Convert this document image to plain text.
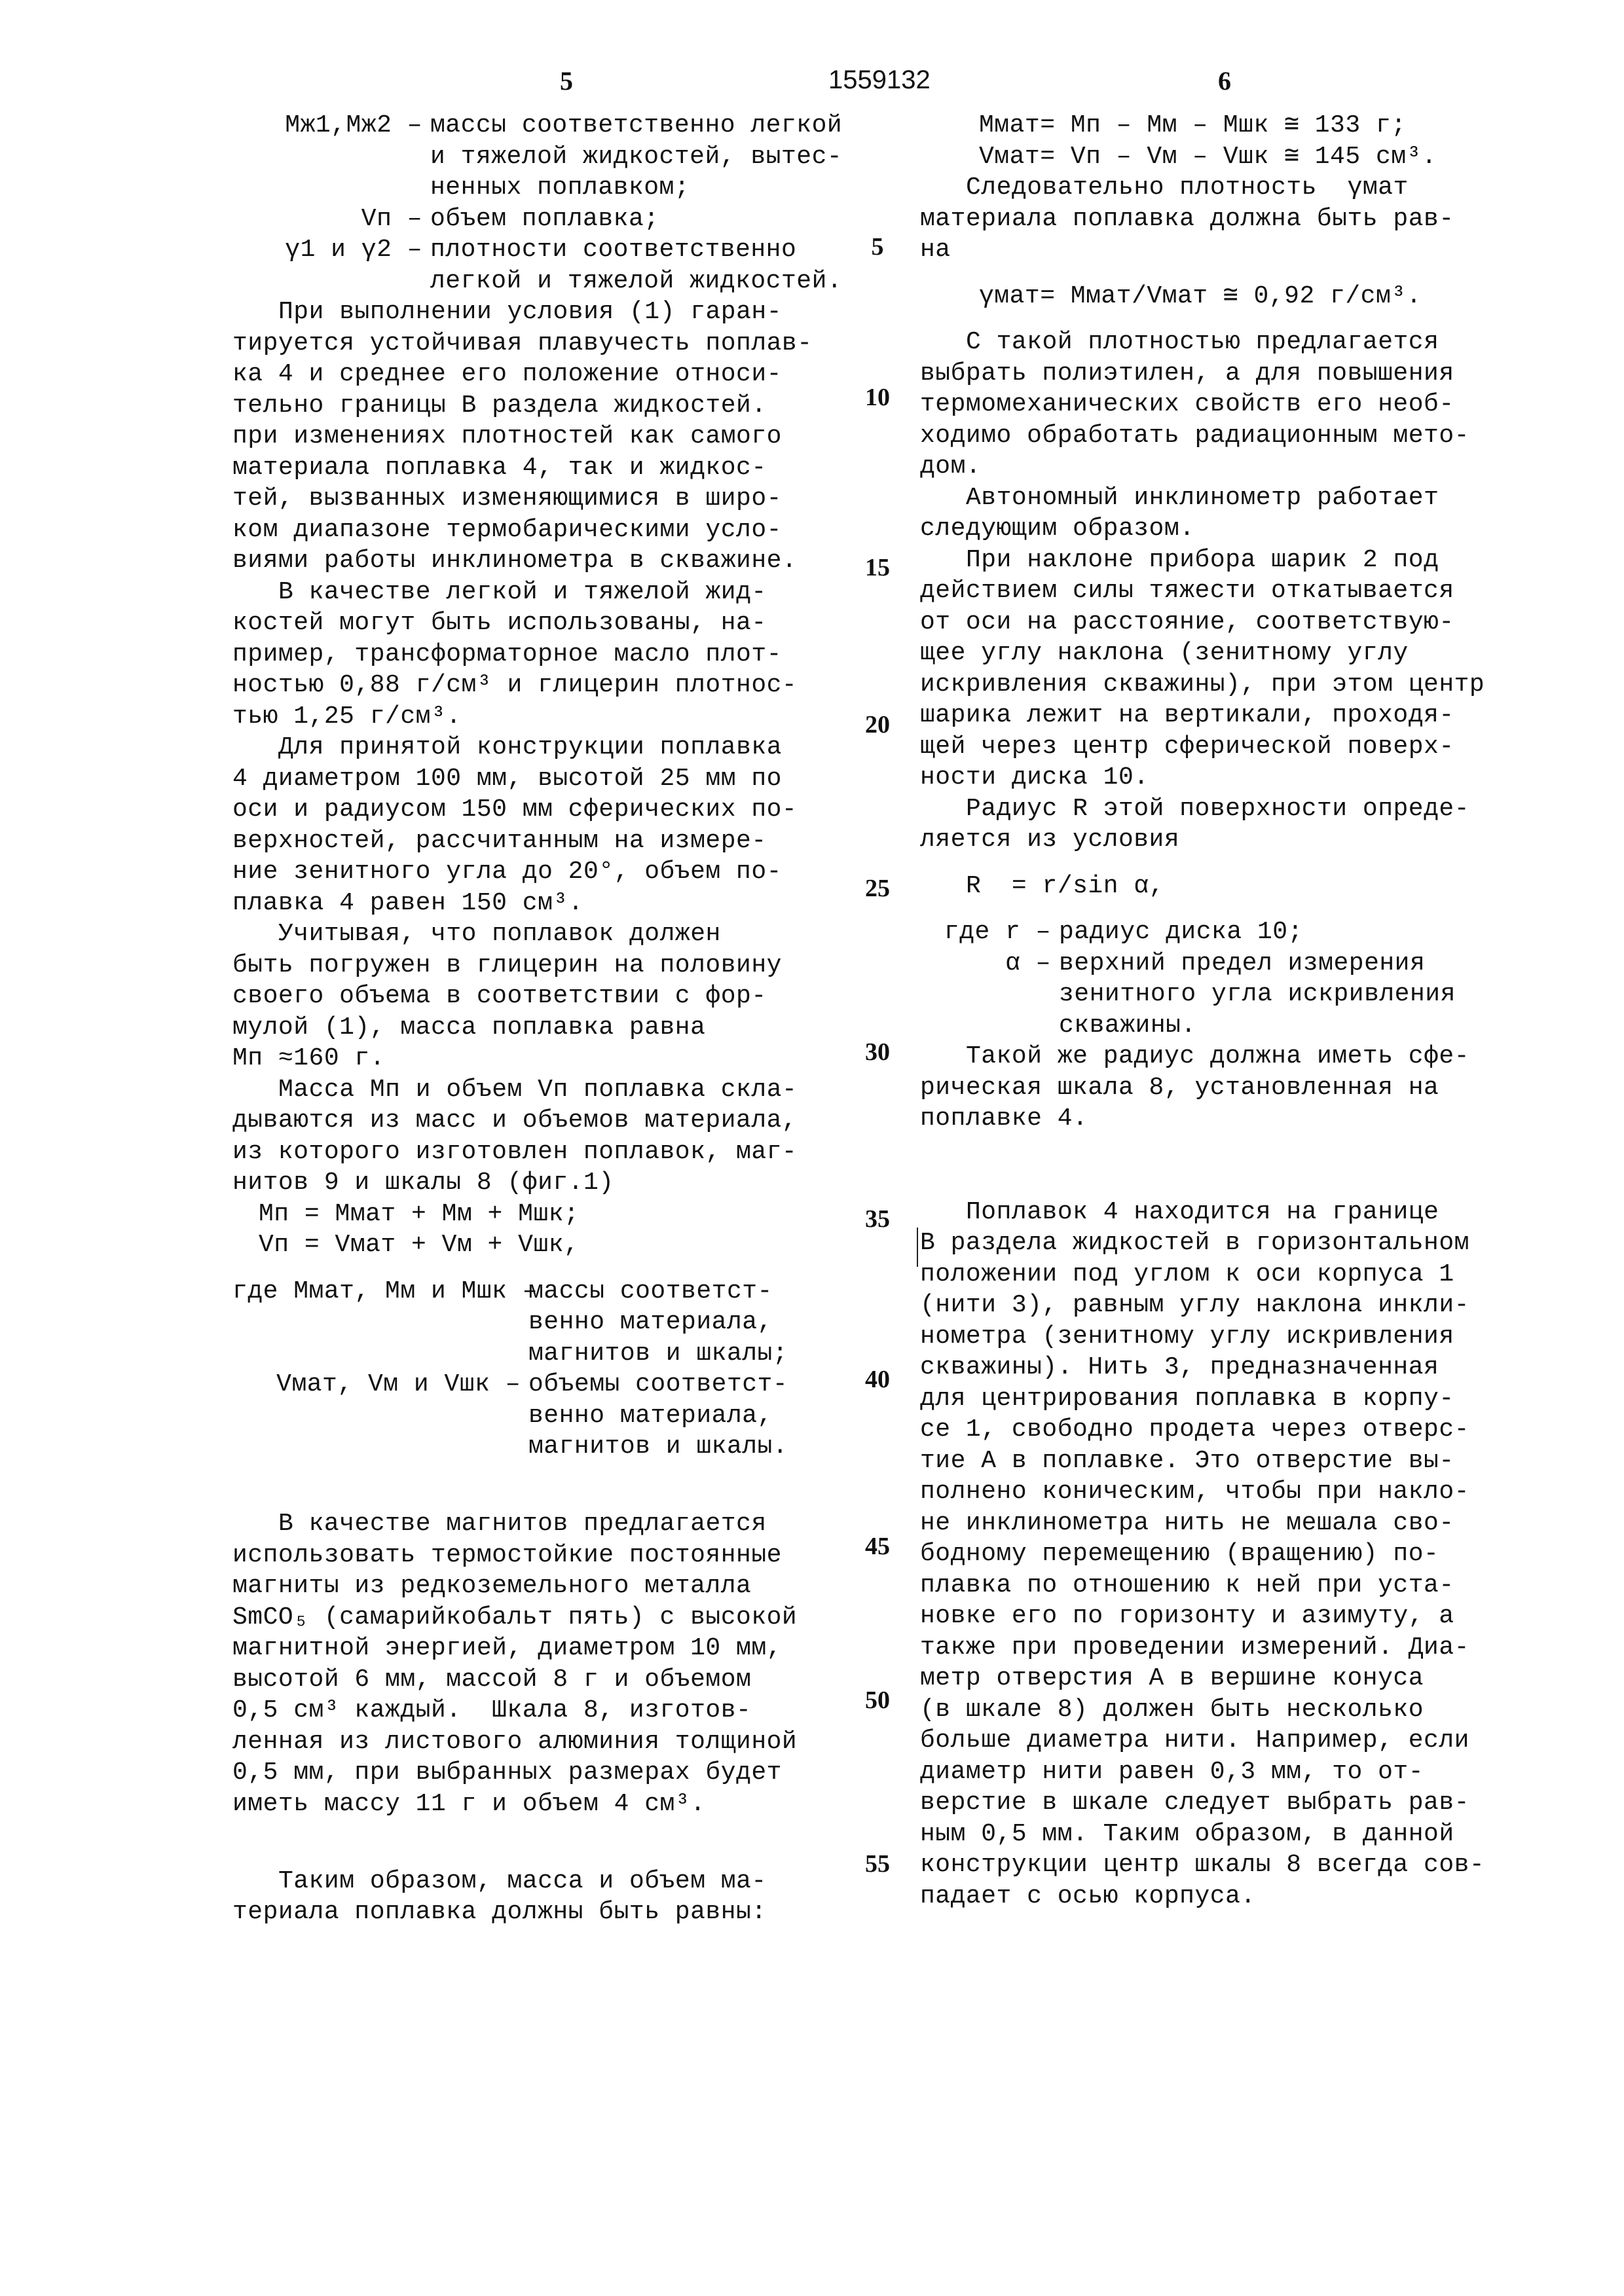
5	1559132	6
Mж1,Mж2 – массы соответственно легкой
и тяжелой жидкостей, вытес-
ненных поплавком;
Vп – объем поплавка;
γ1 и γ2 – плотности соответственно
легкой и тяжелой жидкостей.
При выполнении условия (1) гаран-
тируется устойчивая плавучесть поплав-
ка 4 и среднее его положение относи-
тельно границы В раздела жидкостей.
при изменениях плотностей как самого
материала поплавка 4, так и жидкос-
тей, вызванных изменяющимися в широ-
ком диапазоне термобарическими усло-
виями работы инклинометра в скважине.
В качестве легкой и тяжелой жид-
костей могут быть использованы, на-
пример, трансформаторное масло плот-
ностью 0,88 г/см³ и глицерин плотнос-
тью 1,25 г/см³.
Для принятой конструкции поплавка
4 диаметром 100 мм, высотой 25 мм по
оси и радиусом 150 мм сферических по-
верхностей, рассчитанным на измере-
ние зенитного угла до 20°, объем по-
плавка 4 равен 150 см³.
Учитывая, что поплавок должен
быть погружен в глицерин на половину
своего объема в соответствии с фор-
мулой (1), масса поплавка равна
Mп ≈160 г.
Масса Mп и объем Vп поплавка скла-
дываются из масс и объемов материала,
из которого изготовлен поплавок, маг-
нитов 9 и шкалы 8 (фиг.1)
Mп = Mмат + Mм + Mшк;
Vп = Vмат + Vм + Vшк,
где Mмат, Mм и Mшк –
массы соответст-
венно материала,
магнитов и шкалы;
Vмат, Vм и Vшк – объемы соответст-
венно материала,
магнитов и шкалы.
В качестве магнитов предлагается
использовать термостойкие постоянные
магниты из редкоземельного металла
SmCO₅ (самарийкобальт пять) с высокой
магнитной энергией, диаметром 10 мм,
высотой 6 мм, массой 8 г и объемом
0,5 см³ каждый.  Шкала 8, изготов-
ленная из листового алюминия толщиной
0,5 мм, при выбранных размерах будет
иметь массу 11 г и объем 4 см³.
Таким образом, масса и объем ма-
териала поплавка должны быть равны:
Mмат= Mп – Mм – Mшк ≅ 133 г;
Vмат= Vп – Vм – Vшк ≅ 145 см³.
Следовательно плотность  γмат
материала поплавка должна быть рав-
на
γмат= Mмат/Vмат ≅ 0,92 г/см³.
С такой плотностью предлагается
выбрать полиэтилен, а для повышения
термомеханических свойств его необ-
ходимо обработать радиационным мето-
дом.
Автономный инклинометр работает
следующим образом.
При наклоне прибора шарик 2 под
действием силы тяжести откатывается
от оси на расстояние, соответствую-
щее углу наклона (зенитному углу
искривления скважины), при этом центр
шарика лежит на вертикали, проходя-
щей через центр сферической поверх-
ности диска 10.
Радиус R этой поверхности опреде-
ляется из условия
R  = r/sin α,
где r – радиус диска 10;
α – верхний предел измерения
зенитного угла искривления
скважины.
Такой же радиус должна иметь сфе-
рическая шкала 8, установленная на
поплавке 4.
Поплавок 4 находится на границе
В раздела жидкостей в горизонтальном
положении под углом к оси корпуса 1
(нити 3), равным углу наклона инкли-
нометра (зенитному углу искривления
скважины). Нить 3, предназначенная
для центрирования поплавка в корпу-
се 1, свободно продета через отверс-
тие А в поплавке. Это отверстие вы-
полнено коническим, чтобы при накло-
не инклинометра нить не мешала сво-
бодному перемещению (вращению) по-
плавка по отношению к ней при уста-
новке его по горизонту и азимуту, а
также при проведении измерений. Диа-
метр отверстия А в вершине конуса
(в шкале 8) должен быть несколько
больше диаметра нити. Например, если
диаметр нити равен 0,3 мм, то от-
верстие в шкале следует выбрать рав-
ным 0,5 мм. Таким образом, в данной
конструкции центр шкалы 8 всегда сов-
падает с осью корпуса.
5
10
15
20
25
30
35
40
45
50
55
